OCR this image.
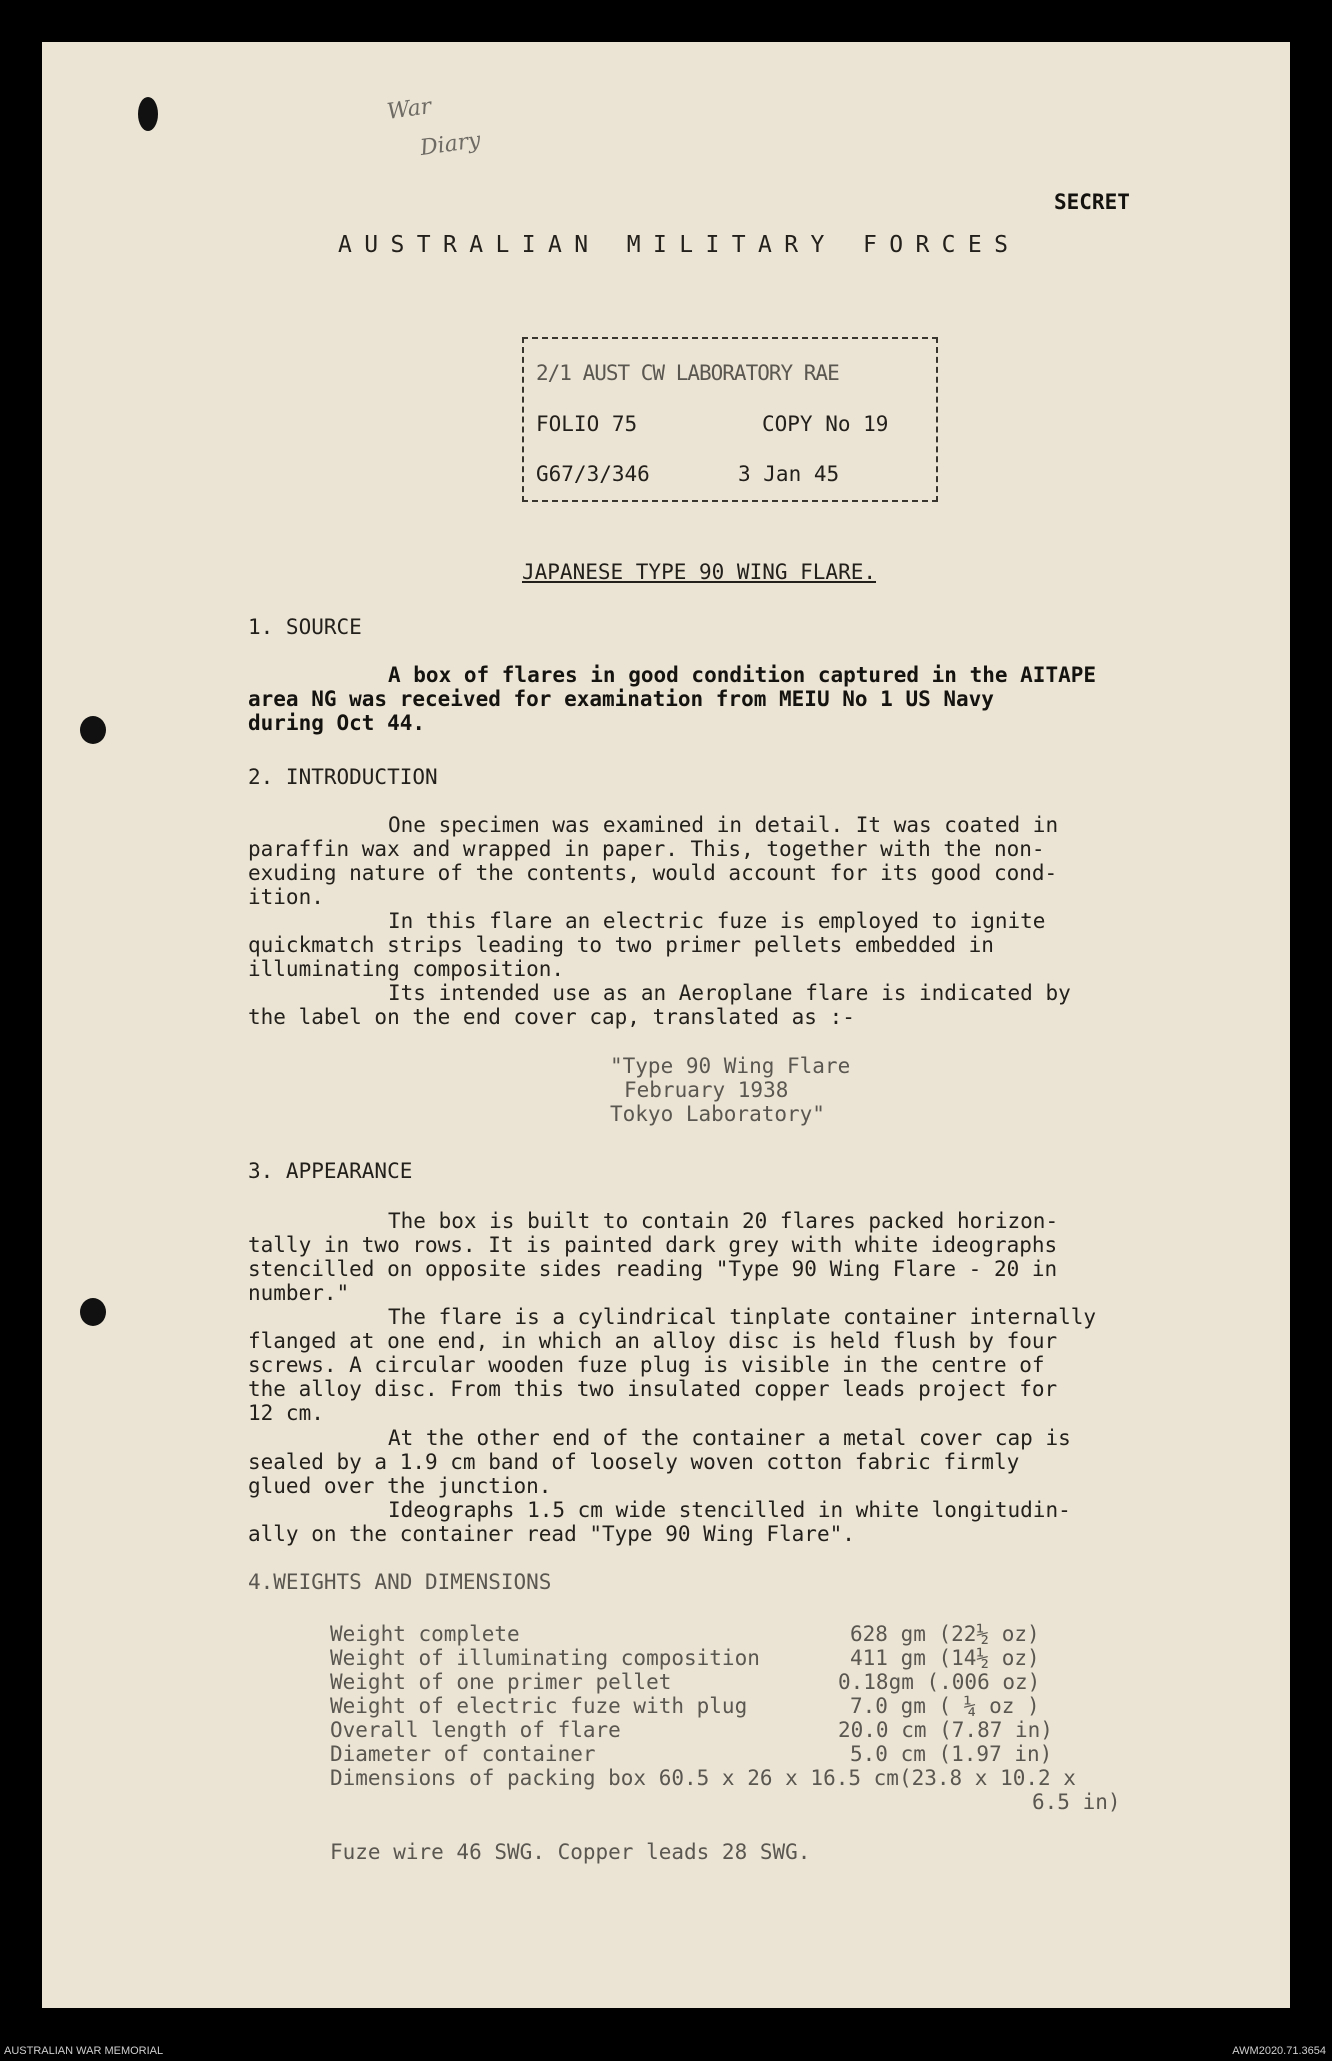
War
Diary
SECRET
AUSTRALIAN MILITARY FORCES
2/1 AUST CW LABORATORY RAE
FOLIO 75	COPY No 19
G67/3/346	3 Jan 45
JAPANESE TYPE 90 WING FLARE.
1. SOURCE
A box of flares in good condition captured in the AITAPE
area NG was received for examination from MEIU No 1 US Navy
during Oct 44.
2. INTRODUCTION
One specimen was examined in detail. It was coated in
paraffin wax and wrapped in paper. This, together with the non-
exuding nature of the contents, would account for its good cond-
ition.
In this flare an electric fuze is employed to ignite
quickmatch strips leading to two primer pellets embedded in
illuminating composition.
Its intended use as an Aeroplane flare is indicated by
the label on the end cover cap, translated as :-
"Type 90 Wing Flare
February 1938
Tokyo Laboratory"
3. APPEARANCE
The box is built to contain 20 flares packed horizon-
tally in two rows. It is painted dark grey with white ideographs
stencilled on opposite sides reading "Type 90 Wing Flare - 20 in
number."
The flare is a cylindrical tinplate container internally
flanged at one end, in which an alloy disc is held flush by four
screws. A circular wooden fuze plug is visible in the centre of
the alloy disc. From this two insulated copper leads project for
12 cm.
At the other end of the container a metal cover cap is
sealed by a 1.9 cm band of loosely woven cotton fabric firmly
glued over the junction.
Ideographs 1.5 cm wide stencilled in white longitudin-
ally on the container read "Type 90 Wing Flare".
4.WEIGHTS AND DIMENSIONS
Weight complete	628 gm (22½ oz)
Weight of illuminating composition	411 gm (14½ oz)
Weight of one primer pellet	0.18gm (.006 oz)
Weight of electric fuze with plug	7.0 gm ( ¼ oz )
Overall length of flare	20.0 cm (7.87 in)
Diameter of container	5.0 cm (1.97 in)
Dimensions of packing box 60.5 x 26 x 16.5 cm(23.8 x 10.2 x
6.5 in)
Fuze wire 46 SWG. Copper leads 28 SWG.
AUSTRALIAN WAR MEMORIAL	AWM2020.71.3654
